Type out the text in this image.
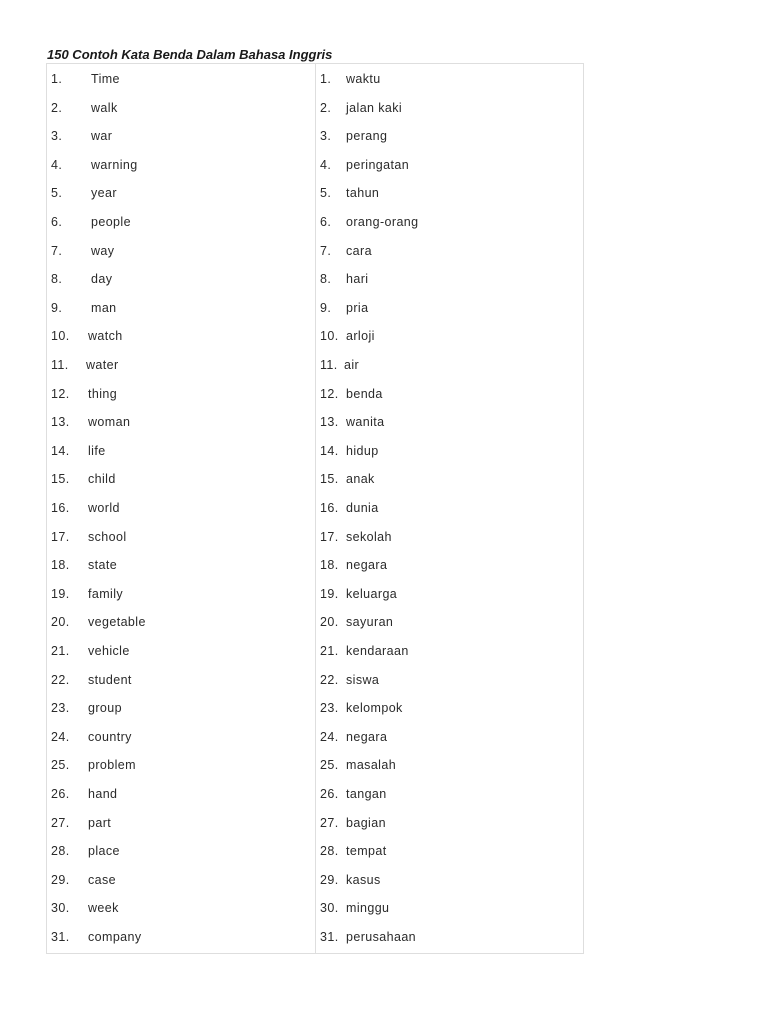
150 Contoh Kata Benda Dalam Bahasa Inggris
1. Time
2. walk
3. war
4. warning
5. year
6. people
7. way
8. day
9. man
10. watch
11. water
12. thing
13. woman
14. life
15. child
16. world
17. school
18. state
19. family
20. vegetable
21. vehicle
22. student
23. group
24. country
25. problem
26. hand
27. part
28. place
29. case
30. week
31. company
1. waktu
2. jalan kaki
3. perang
4. peringatan
5. tahun
6. orang-orang
7. cara
8. hari
9. pria
10. arloji
11. air
12. benda
13. wanita
14. hidup
15. anak
16. dunia
17. sekolah
18. negara
19. keluarga
20. sayuran
21. kendaraan
22. siswa
23. kelompok
24. negara
25. masalah
26. tangan
27. bagian
28. tempat
29. kasus
30. minggu
31. perusahaan
